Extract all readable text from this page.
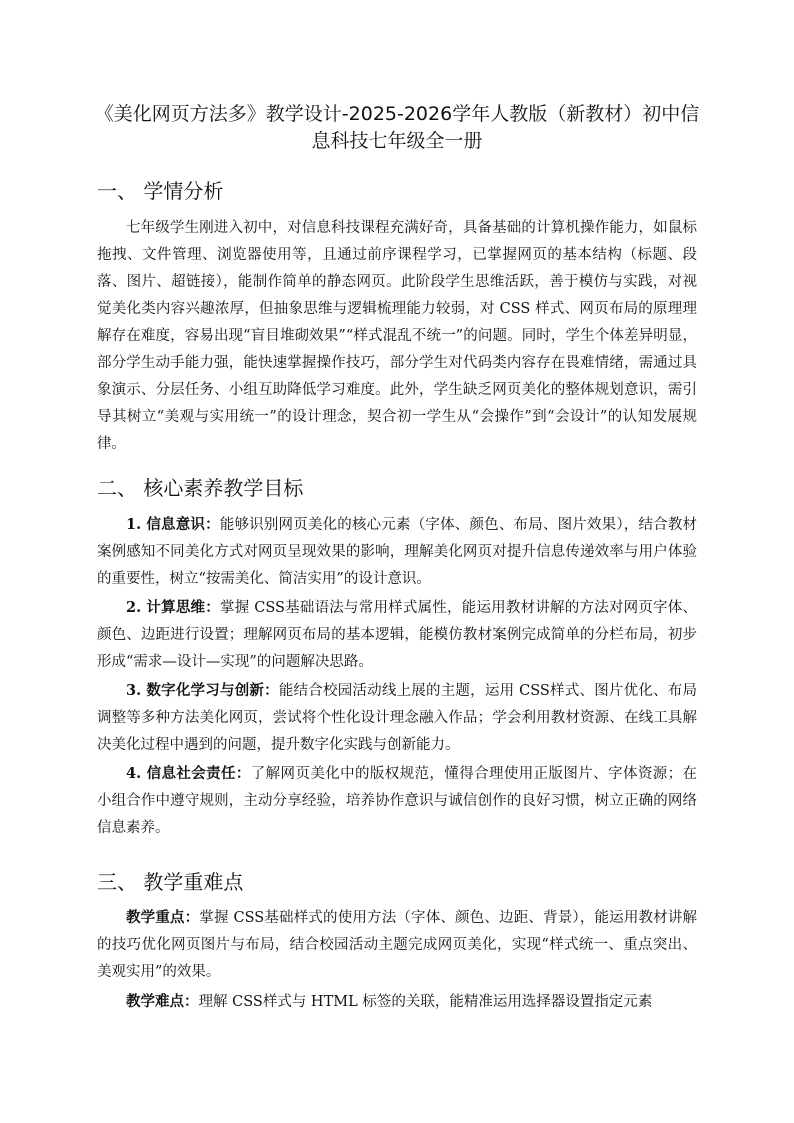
《美化网页方法多》教学设计-2025-2026学年人教版（新教材）初中信息科技七年级全一册
一、 学情分析

七年级学生刚进入初中，对信息科技课程充满好奇，具备基础的计算机操作能力，如鼠标拖拽、文件管理、浏览器使用等，且通过前序课程学习，已掌握网页的基本结构（标题、段落、图片、超链接），能制作简单的静态网页。此阶段学生思维活跃，善于模仿与实践，对视觉美化类内容兴趣浓厚，但抽象思维与逻辑梳理能力较弱，对 CSS 样式、网页布局的原理理解存在难度，容易出现“盲目堆砌效果”“样式混乱不统一”的问题。同时，学生个体差异明显，部分学生动手能力强，能快速掌握操作技巧，部分学生对代码类内容存在畏难情绪，需通过具象演示、分层任务、小组互助降低学习难度。此外，学生缺乏网页美化的整体规划意识，需引导其树立“美观与实用统一”的设计理念，契合初一学生从“会操作”到“会设计”的认知发展规律。

二、 核心素养教学目标

1. 信息意识：能够识别网页美化的核心元素（字体、颜色、布局、图片效果），结合教材案例感知不同美化方式对网页呈现效果的影响，理解美化网页对提升信息传递效率与用户体验的重要性，树立“按需美化、简洁实用”的设计意识。

2. 计算思维：掌握 CSS基础语法与常用样式属性，能运用教材讲解的方法对网页字体、颜色、边距进行设置；理解网页布局的基本逻辑，能模仿教材案例完成简单的分栏布局，初步形成“需求—设计—实现”的问题解决思路。

3. 数字化学习与创新：能结合校园活动线上展的主题，运用 CSS样式、图片优化、布局调整等多种方法美化网页，尝试将个性化设计理念融入作品；学会利用教材资源、在线工具解决美化过程中遇到的问题，提升数字化实践与创新能力。

4. 信息社会责任：了解网页美化中的版权规范，懂得合理使用正版图片、字体资源；在小组合作中遵守规则，主动分享经验，培养协作意识与诚信创作的良好习惯，树立正确的网络信息素养。

三、 教学重难点

教学重点：掌握 CSS基础样式的使用方法（字体、颜色、边距、背景），能运用教材讲解的技巧优化网页图片与布局，结合校园活动主题完成网页美化，实现“样式统一、重点突出、美观实用”的效果。

教学难点：理解 CSS样式与 HTML 标签的关联，能精准运用选择器设置指定元素
